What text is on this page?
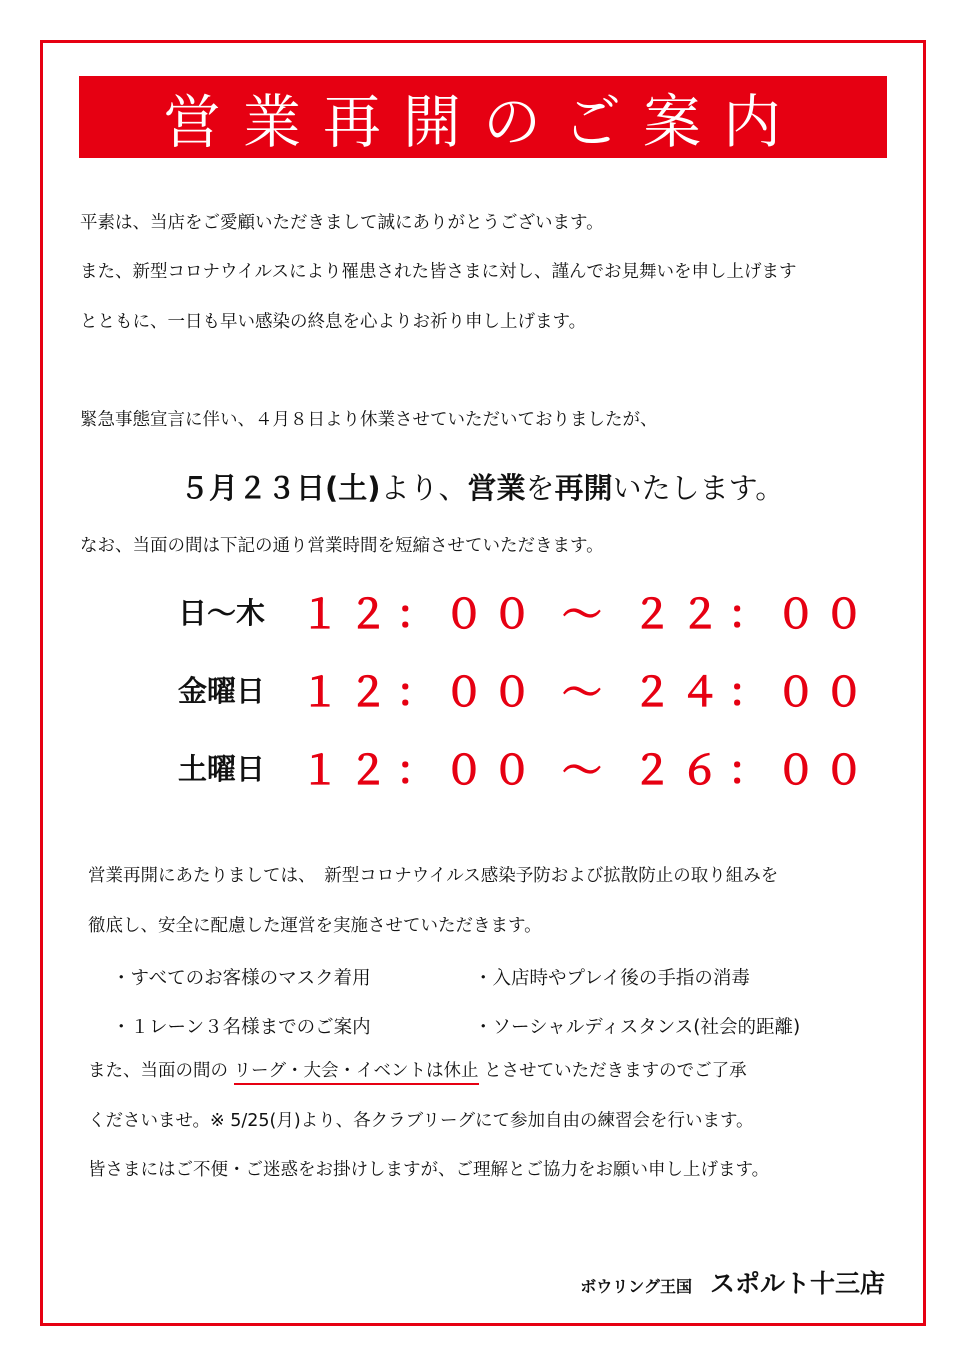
営業再開のご案内
平素は、当店をご愛顧いただきまして誠にありがとうございます。
また、新型コロナウイルスにより罹患された皆さまに対し、謹んでお見舞いを申し上げます
とともに、一日も早い感染の終息を心よりお祈り申し上げます。
緊急事態宣言に伴い、４月８日より休業させていただいておりましたが、
５月２３日(土)より、営業を再開いたします。
なお、当面の間は下記の通り営業時間を短縮させていただきます。
日～木 １２：００ ～ ２２：００
金曜日 １２：００ ～ ２４：００
土曜日 １２：００ ～ ２６：００
営業再開にあたりましては、　新型コロナウイルス感染予防および拡散防止の取り組みを
徹底し、安全に配慮した運営を実施させていただきます。
・すべてのお客様のマスク着用	・入店時やプレイ後の手指の消毒
・１レーン３名様までのご案内	・ソーシャルディスタンス(社会的距離)
また、当面の間の リーグ・大会・イベントは休止 とさせていただきますのでご了承
くださいませ。※ 5/25(月)より、各クラブリーグにて参加自由の練習会を行います。
皆さまにはご不便・ご迷惑をお掛けしますが、ご理解とご協力をお願い申し上げます。
ボウリング王国 スポルト十三店
